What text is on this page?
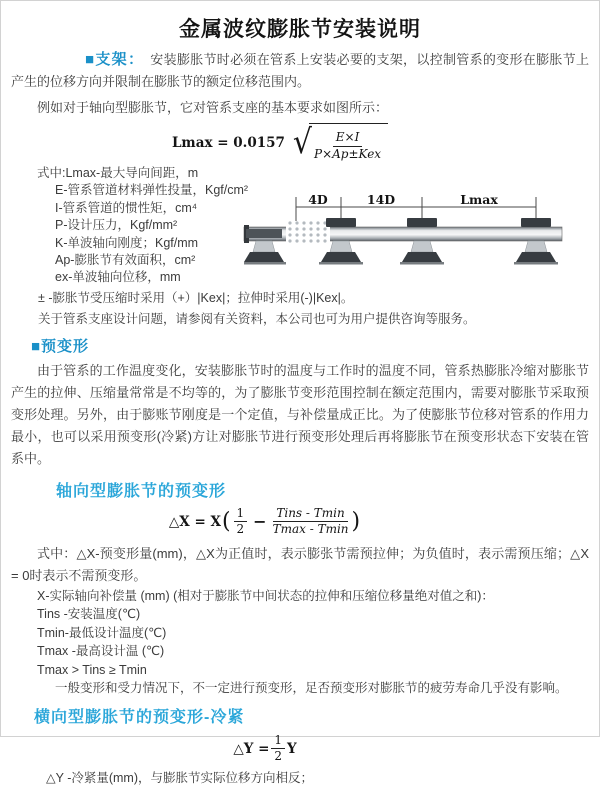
金属波纹膨胀节安装说明

■支架： 安装膨胀节时必须在管系上安装必要的支架，以控制管系的变形在膨胀节上产生的位移方向并限制在膨胀节的额定位移范围内。

例如对于轴向型膨胀节，它对管系支座的基本要求如图所示：

Lmax = 0.0157 √ $\frac{E\times I}{\text{P×Ap±Kex}}$
式中:Lmax-最大导向间距，m
E-管系管道材料弹性投量，Kgf/cm²
I-管系管道的惯性矩，cm⁴
P-设计压力，Kgf/mm²
K-单波轴向刚度；Kgf/mm
Ap-膨胀节有效面积，cm²
ex-单波轴向位移，mm

± -膨胀节受压缩时采用（+）|Kex|；拉伸时采用(-)|Kex|。

关于管系支座设计问题，请参阅有关资料，本公司也可为用户提供咨询等服务。

4D	14D	Lmax
■预变形

由于管系的工作温度变化，安装膨胀节时的温度与工作时的温度不同，管系热膨胀冷缩对膨胀节产生的拉伸、压缩量常常是不均等的，为了膨胀节变形范围控制在额定范围内，需要对膨胀节采取预变形处理。另外，由于膨账节刚度是一个定值，与补偿量成正比。为了使膨胀节位移对管系的作用力最小，也可以采用预变形(冷紧)方让对膨胀节进行预变形处理后再将膨胀节在预变形状态下安装在管系中。

轴向型膨胀节的预变形
△X = X ( $\frac{1}{2} - \frac{\text{Tins - Tmin}}{Tmax - Tmin}$ )

式中：△X-预变形量(mm)，△X为正值时，表示膨张节需预拉伸；为负值时，表示需预压缩；△X = 0时表示不需预变形。

X-实际轴向补偿量 (mm) (相对于膨胀节中间状态的拉伸和压缩位移量绝对值之和)：

Tins -安装温度(℃)

Tmin-最低设计温度(℃)

Tmax -最高设计温 (℃)

Tmax > Tins ≥ Tmin

一般变形和受力情况下，不一定进行预变形，足否预变形对膨胀节的疲劳寿命几乎没有影响。

横向型膨胀节的预变形-冷紧
△Y = $\frac{1}{2}$ Y

△Y -冷紧量(mm)，与膨胀节实际位移方向相反；
